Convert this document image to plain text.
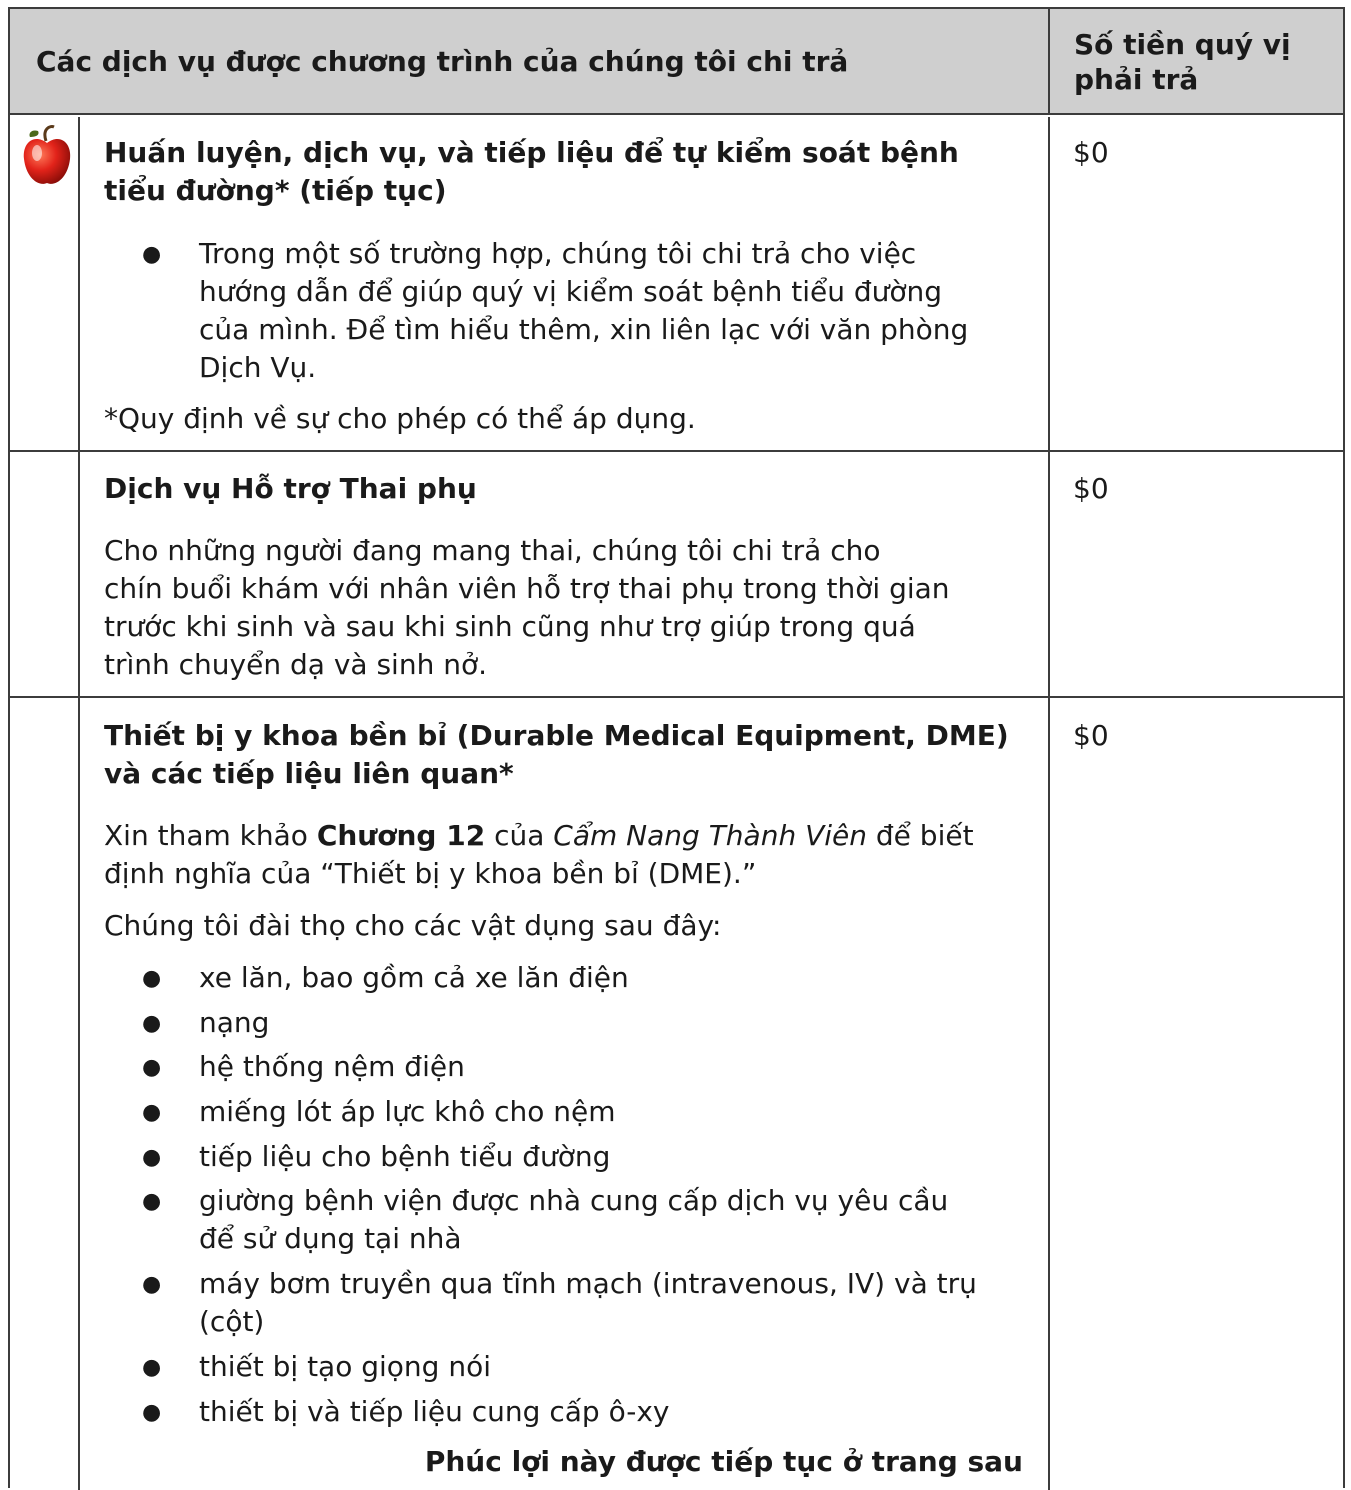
Các dịch vụ được chương trình của chúng tôi chi trả
Số tiền quý vị
phải trả
Huấn luyện, dịch vụ, và tiếp liệu để tự kiểm soát bệnh
tiểu đường* (tiếp tục)
● Trong một số trường hợp, chúng tôi chi trả cho việc
hướng dẫn để giúp quý vị kiểm soát bệnh tiểu đường
của mình. Để tìm hiểu thêm, xin liên lạc với văn phòng
Dịch Vụ.
*Quy định về sự cho phép có thể áp dụng.
$0
Dịch vụ Hỗ trợ Thai phụ
Cho những người đang mang thai, chúng tôi chi trả cho
chín buổi khám với nhân viên hỗ trợ thai phụ trong thời gian
trước khi sinh và sau khi sinh cũng như trợ giúp trong quá
trình chuyển dạ và sinh nở.
$0
Thiết bị y khoa bền bỉ (Durable Medical Equipment, DME)
và các tiếp liệu liên quan*
Xin tham khảo Chương 12 của Cẩm Nang Thành Viên để biết
định nghĩa của “Thiết bị y khoa bền bỉ (DME).”
Chúng tôi đài thọ cho các vật dụng sau đây:
● xe lăn, bao gồm cả xe lăn điện
● nạng
● hệ thống nệm điện
● miếng lót áp lực khô cho nệm
● tiếp liệu cho bệnh tiểu đường
● giường bệnh viện được nhà cung cấp dịch vụ yêu cầu
để sử dụng tại nhà
● máy bơm truyền qua tĩnh mạch (intravenous, IV) và trụ
(cột)
● thiết bị tạo giọng nói
● thiết bị và tiếp liệu cung cấp ô-xy
Phúc lợi này được tiếp tục ở trang sau
$0
